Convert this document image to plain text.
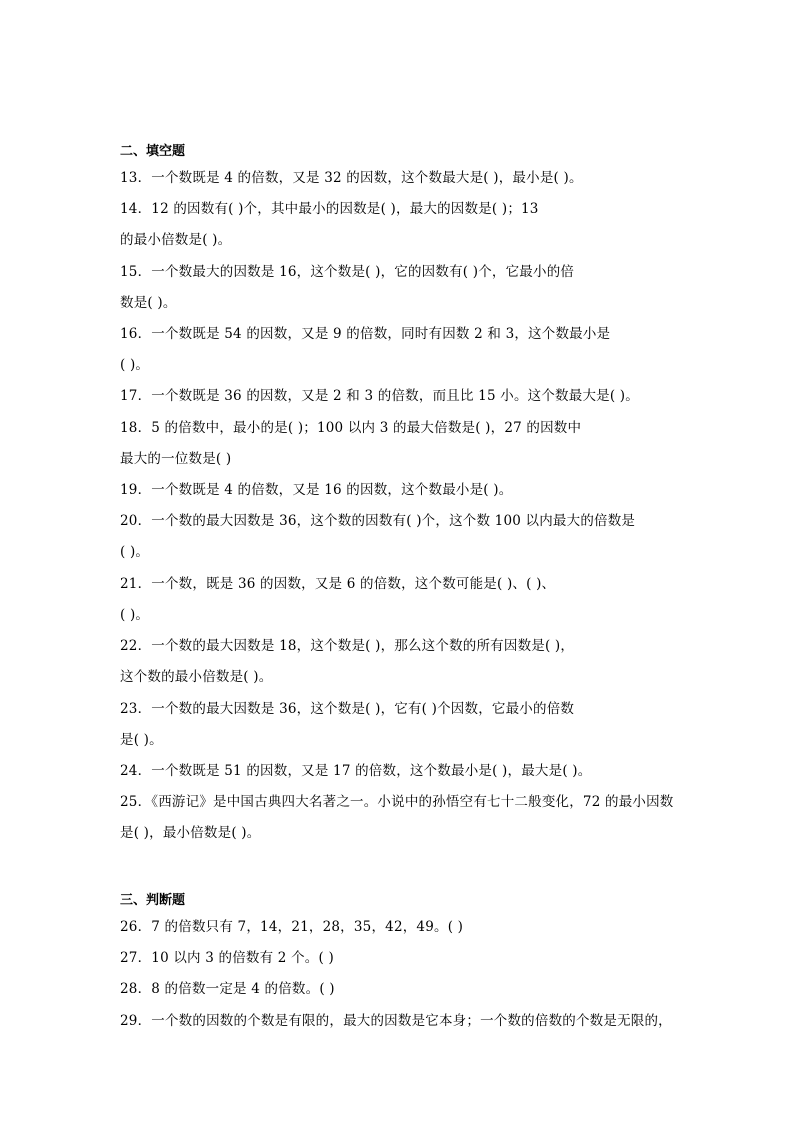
二、填空题
13．一个数既是 4 的倍数，又是 32 的因数，这个数最大是( )，最小是( )。
14．12 的因数有( )个，其中最小的因数是( )，最大的因数是( )；13
的最小倍数是( )。
15．一个数最大的因数是 16，这个数是( )，它的因数有( )个，它最小的倍
数是( )。
16．一个数既是 54 的因数，又是 9 的倍数，同时有因数 2 和 3，这个数最小是
( )。
17．一个数既是 36 的因数，又是 2 和 3 的倍数，而且比 15 小。这个数最大是( )。
18．5 的倍数中，最小的是( )；100 以内 3 的最大倍数是( )，27 的因数中
最大的一位数是( )
19．一个数既是 4 的倍数，又是 16 的因数，这个数最小是( )。
20．一个数的最大因数是 36，这个数的因数有( )个，这个数 100 以内最大的倍数是
( )。
21．一个数，既是 36 的因数，又是 6 的倍数，这个数可能是( )、( )、
( )。
22．一个数的最大因数是 18，这个数是( )，那么这个数的所有因数是( )，
这个数的最小倍数是( )。
23．一个数的最大因数是 36，这个数是( )，它有( )个因数，它最小的倍数
是( )。
24．一个数既是 51 的因数，又是 17 的倍数，这个数最小是( )，最大是( )。
25．《西游记》是中国古典四大名著之一。小说中的孙悟空有七十二般变化，72 的最小因数
是( )，最小倍数是( )。
三、判断题
26．7 的倍数只有 7，14，21，28，35，42，49。( )
27．10 以内 3 的倍数有 2 个。( )
28．8 的倍数一定是 4 的倍数。( )
29．一个数的因数的个数是有限的，最大的因数是它本身；一个数的倍数的个数是无限的，
